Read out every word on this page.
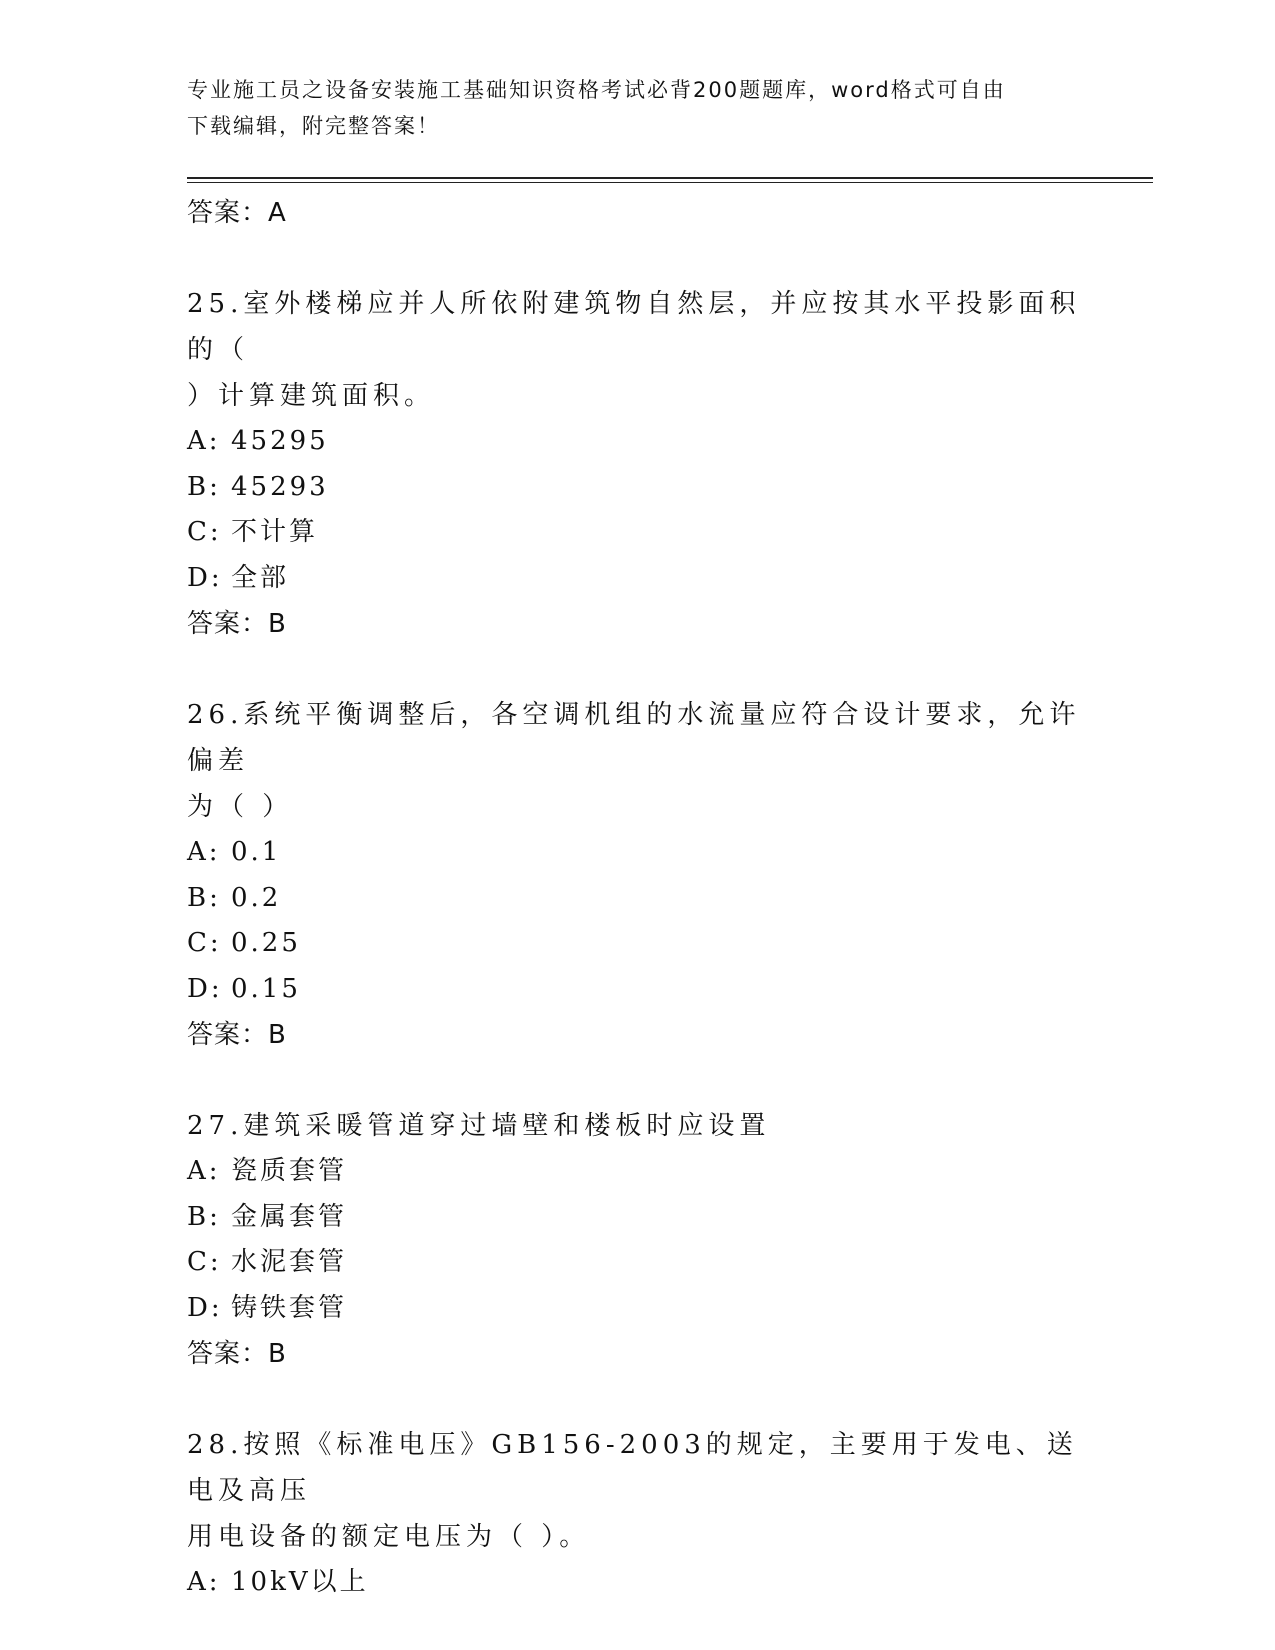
专业施工员之设备安装施工基础知识资格考试必背200题题库，word格式可自由
下载编辑，附完整答案！
答案：A
25.室外楼梯应并人所依附建筑物自然层，并应按其水平投影面积的（
）计算建筑面积。
A: 45295
B: 45293
C: 不计算
D: 全部
答案：B
26.系统平衡调整后，各空调机组的水流量应符合设计要求，允许偏差
为（ ）
A: 0.1
B: 0.2
C: 0.25
D: 0.15
答案：B
27.建筑采暖管道穿过墙壁和楼板时应设置
A: 瓷质套管
B: 金属套管
C: 水泥套管
D: 铸铁套管
答案：B
28.按照《标准电压》GB156-2003的规定，主要用于发电、送电及高压
用电设备的额定电压为（ ）。
A: 10kV以上
